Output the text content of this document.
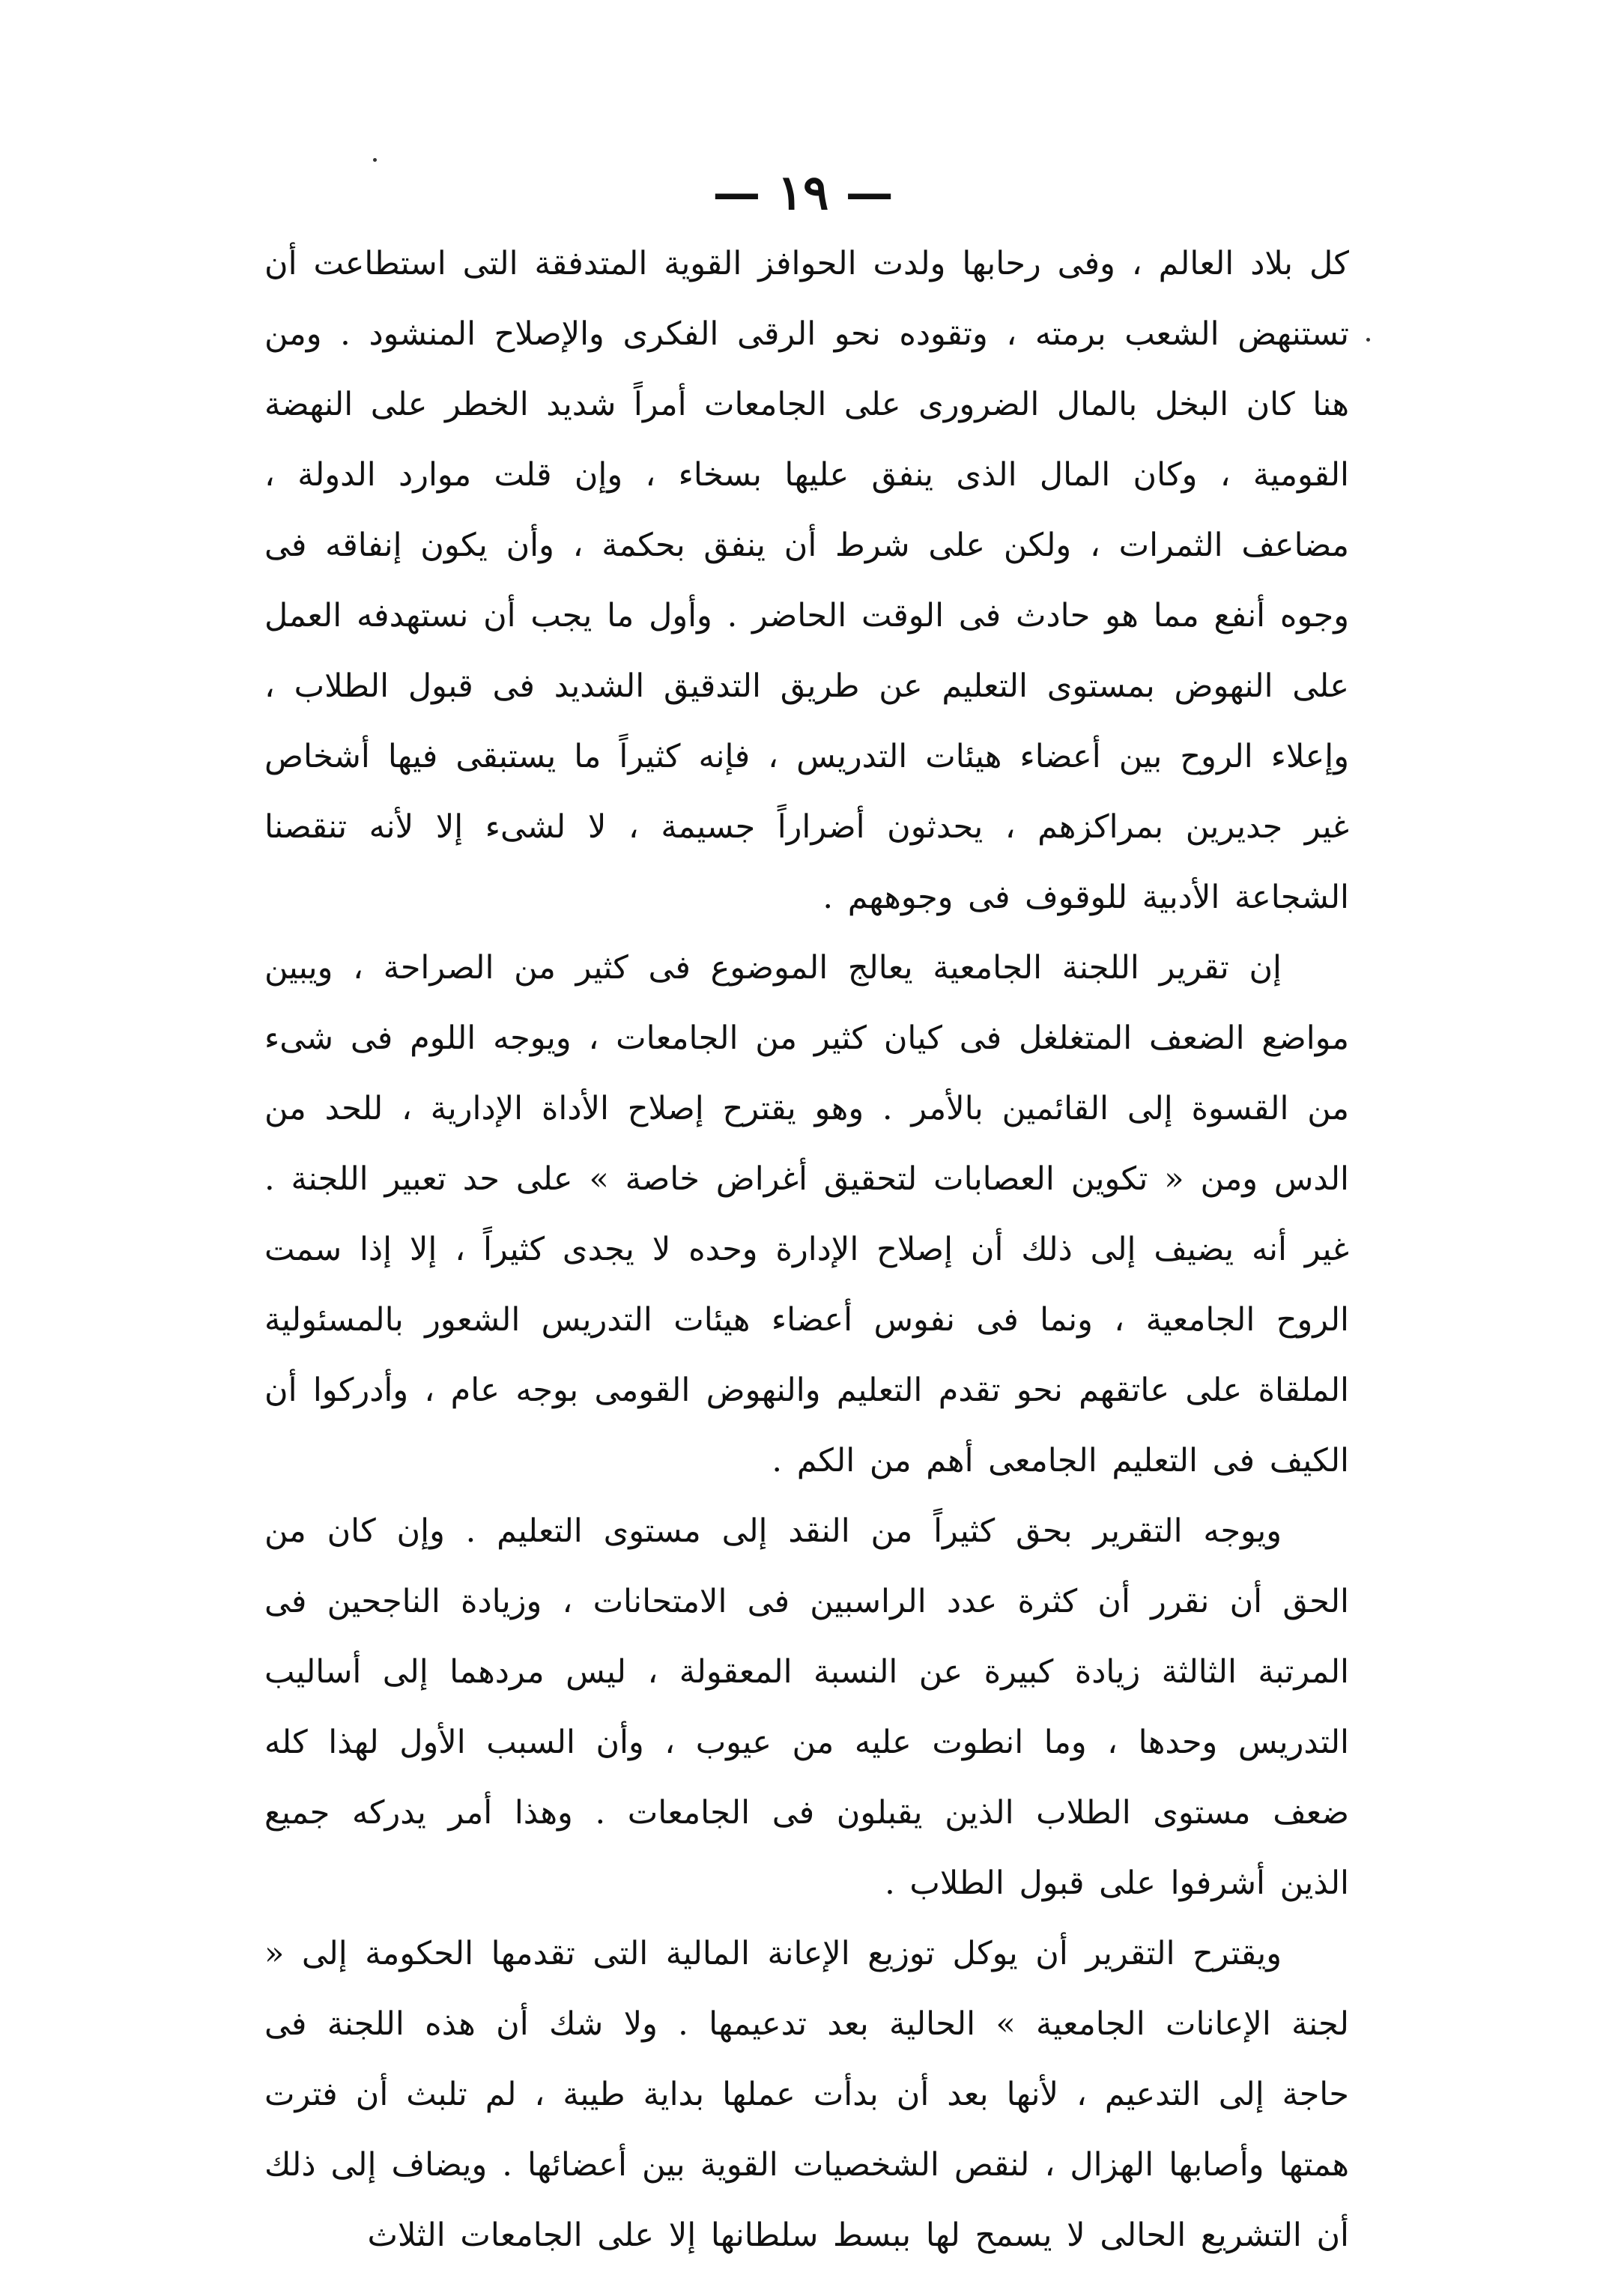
— ١٩ —

كل بلاد العالم ، وفى رحابها ولدت الحوافز القوية المتدفقة التى استطاعت أن تستنهض الشعب برمته ، وتقوده نحو الرقى الفكرى والإصلاح المنشود . ومن هنا كان البخل بالمال الضرورى على الجامعات أمراً شديد الخطر على النهضة القومية ، وكان المال الذى ينفق عليها بسخاء ، وإن قلت موارد الدولة ، مضاعف الثمرات ، ولكن على شرط أن ينفق بحكمة ، وأن يكون إنفاقه فى وجوه أنفع مما هو حادث فى الوقت الحاضر . وأول ما يجب أن نستهدفه العمل على النهوض بمستوى التعليم عن طريق التدقيق الشديد فى قبول الطلاب ، وإعلاء الروح بين أعضاء هيئات التدريس ، فإنه كثيراً ما يستبقى فيها أشخاص غير جديرين بمراكزهم ، يحدثون أضراراً جسيمة ، لا لشىء إلا لأنه تنقصنا الشجاعة الأدبية للوقوف فى وجوههم .

إن تقرير اللجنة الجامعية يعالج الموضوع فى كثير من الصراحة ، ويبين مواضع الضعف المتغلغل فى كيان كثير من الجامعات ، ويوجه اللوم فى شىء من القسوة إلى القائمين بالأمر . وهو يقترح إصلاح الأداة الإدارية ، للحد من الدس ومن « تكوين العصابات لتحقيق أغراض خاصة » على حد تعبير اللجنة . غير أنه يضيف إلى ذلك أن إصلاح الإدارة وحده لا يجدى كثيراً ، إلا إذا سمت الروح الجامعية ، ونما فى نفوس أعضاء هيئات التدريس الشعور بالمسئولية الملقاة على عاتقهم نحو تقدم التعليم والنهوض القومى بوجه عام ، وأدركوا أن الكيف فى التعليم الجامعى أهم من الكم .

ويوجه التقرير بحق كثيراً من النقد إلى مستوى التعليم . وإن كان من الحق أن نقرر أن كثرة عدد الراسبين فى الامتحانات ، وزيادة الناجحين فى المرتبة الثالثة زيادة كبيرة عن النسبة المعقولة ، ليس مردهما إلى أساليب التدريس وحدها ، وما انطوت عليه من عيوب ، وأن السبب الأول لهذا كله ضعف مستوى الطلاب الذين يقبلون فى الجامعات . وهذا أمر يدركه جميع الذين أشرفوا على قبول الطلاب .

ويقترح التقرير أن يوكل توزيع الإعانة المالية التى تقدمها الحكومة إلى « لجنة الإعانات الجامعية » الحالية بعد تدعيمها . ولا شك أن هذه اللجنة فى حاجة إلى التدعيم ، لأنها بعد أن بدأت عملها بداية طيبة ، لم تلبث أن فترت همتها وأصابها الهزال ، لنقص الشخصيات القوية بين أعضائها . ويضاف إلى ذلك أن التشريع الحالى لا يسمح لها ببسط سلطانها إلا على الجامعات الثلاث
